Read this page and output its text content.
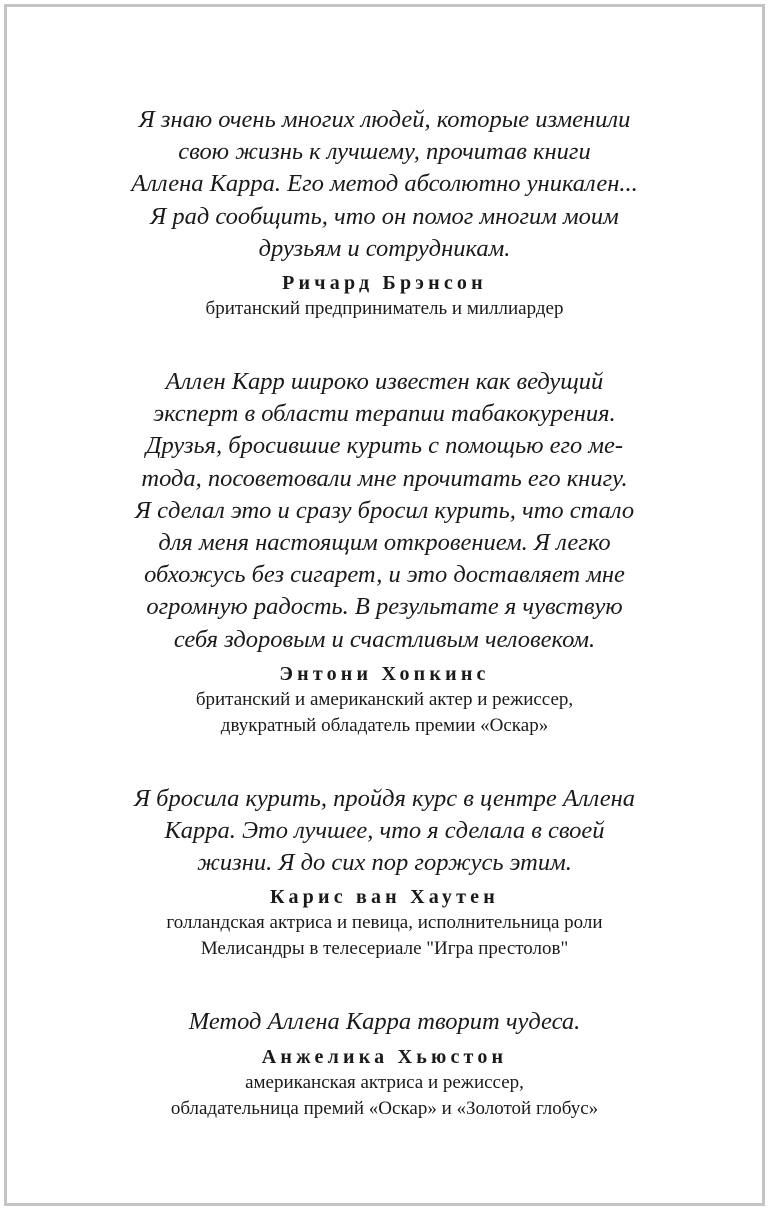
Я знаю очень многих людей, которые изменили
свою жизнь к лучшему, прочитав книги
Аллена Карра. Его метод абсолютно уникален...
Я рад сообщить, что он помог многим моим
друзьям и сотрудникам.

Ричард Брэнсон
британский предприниматель и миллиардер

Аллен Карр широко известен как ведущий
эксперт в области терапии табакокурения.
Друзья, бросившие курить с помощью его ме-
тода, посоветовали мне прочитать его книгу.
Я сделал это и сразу бросил курить, что стало
для меня настоящим откровением. Я легко
обхожусь без сигарет, и это доставляет мне
огромную радость. В результате я чувствую
себя здоровым и счастливым человеком.

Энтони Хопкинс
британский и американский актер и режиссер,
двукратный обладатель премии «Оскар»

Я бросила курить, пройдя курс в центре Аллена
Карра. Это лучшее, что я сделала в своей
жизни. Я до сих пор горжусь этим.

Карис ван Хаутен
голландская актриса и певица, исполнительница роли
Мелисандры в телесериале "Игра престолов"

Метод Аллена Карра творит чудеса.

Анжелика Хьюстон
американская актриса и режиссер,
обладательница премий «Оскар» и «Золотой глобус»
